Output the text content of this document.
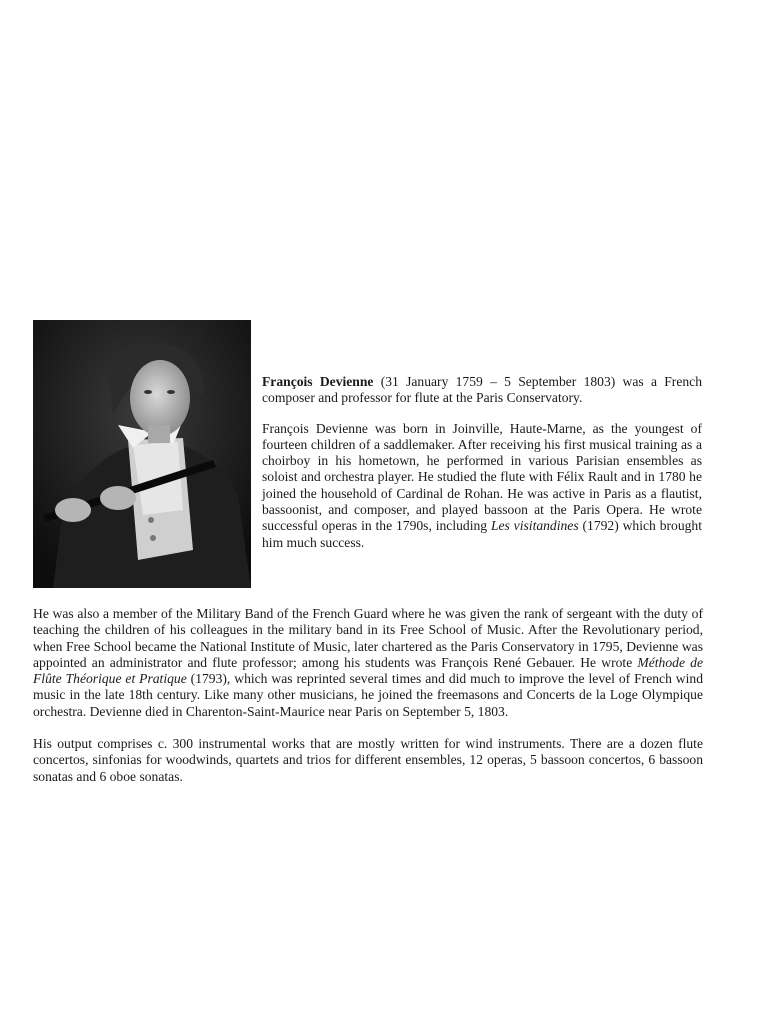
François Devienne (31 January 1759 – 5 September 1803) was a French composer and professor for flute at the Paris Conservatory.

François Devienne was born in Joinville, Haute-Marne, as the youngest of fourteen children of a saddlemaker. After receiving his first musical training as a choirboy in his hometown, he performed in various Parisian ensembles as soloist and orchestra player. He studied the flute with Félix Rault and in 1780 he joined the household of Cardinal de Rohan. He was active in Paris as a flautist, bassoonist, and composer, and played bassoon at the Paris Opera. He wrote successful operas in the 1790s, including Les visitandines (1792) which brought him much success.

He was also a member of the Military Band of the French Guard where he was given the rank of sergeant with the duty of teaching the children of his colleagues in the military band in its Free School of Music. After the Revolutionary period, when Free School became the National Institute of Music, later chartered as the Paris Conservatory in 1795, Devienne was appointed an administrator and flute professor; among his students was François René Gebauer. He wrote Méthode de Flûte Théorique et Pratique (1793), which was reprinted several times and did much to improve the level of French wind music in the late 18th century. Like many other musicians, he joined the freemasons and Concerts de la Loge Olympique orchestra. Devienne died in Charenton-Saint-Maurice near Paris on September 5, 1803.

His output comprises c. 300 instrumental works that are mostly written for wind instruments. There are a dozen flute concertos, sinfonias for woodwinds, quartets and trios for different ensembles, 12 operas, 5 bassoon concertos, 6 bassoon sonatas and 6 oboe sonatas.
